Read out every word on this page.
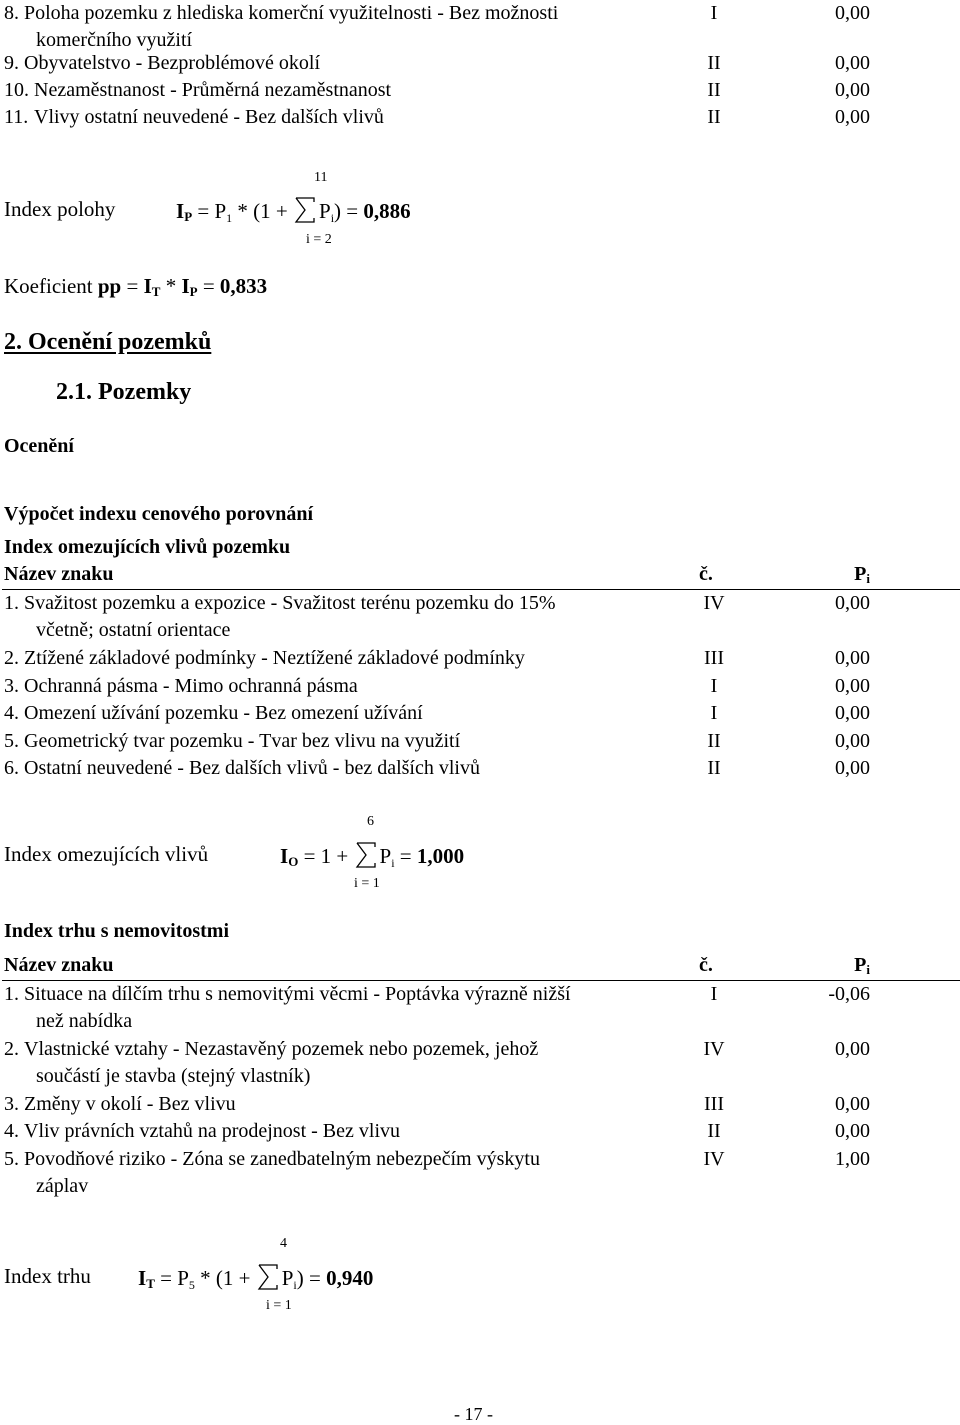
8. Poloha pozemku z hlediska komerční využitelnosti - Bez možnosti	I	0,00
komerčního využití
9. Obyvatelstvo - Bezproblémové okolí	II	0,00
10. Nezaměstnanost - Průměrná nezaměstnanost	II	0,00
11. Vlivy ostatní neuvedené - Bez dalších vlivů	II	0,00
Index polohy
11
i = 2
IP = $P_1 * (1$ +
$P_i) = 0,886$
Koeficient pp = IT * IP = 0,833
2. Ocenění pozemků
2.1. Pozemky
Ocenění
Výpočet indexu cenového porovnání
Index omezujících vlivů pozemku
Název znaku	č.	Pi
1. Svažitost pozemku a expozice - Svažitost terénu pozemku do 15%	IV	0,00
včetně; ostatní orientace
2. Ztížené základové podmínky - Neztížené základové podmínky	III	0,00
3. Ochranná pásma - Mimo ochranná pásma	I	0,00
4. Omezení užívání pozemku - Bez omezení užívání	I	0,00
5. Geometrický tvar pozemku - Tvar bez vlivu na využití	II	0,00
6. Ostatní neuvedené - Bez dalších vlivů - bez dalších vlivů	II	0,00
Index omezujících vlivů
6
i = 1
IO = 1 +
$P_i = 1,000$
Index trhu s nemovitostmi
Název znaku	č.	Pi
1. Situace na dílčím trhu s nemovitými věcmi - Poptávka výrazně nižší	I	-0,06
než nabídka
2. Vlastnické vztahy - Nezastavěný pozemek nebo pozemek, jehož	IV	0,00
součástí je stavba (stejný vlastník)
3. Změny v okolí - Bez vlivu	III	0,00
4. Vliv právních vztahů na prodejnost - Bez vlivu	II	0,00
5. Povodňové riziko - Zóna se zanedbatelným nebezpečím výskytu	IV	1,00
záplav
Index trhu
4
i = 1
IT = $P_5 * (1$ +
$P_i) = 0,940$
- 17 -
